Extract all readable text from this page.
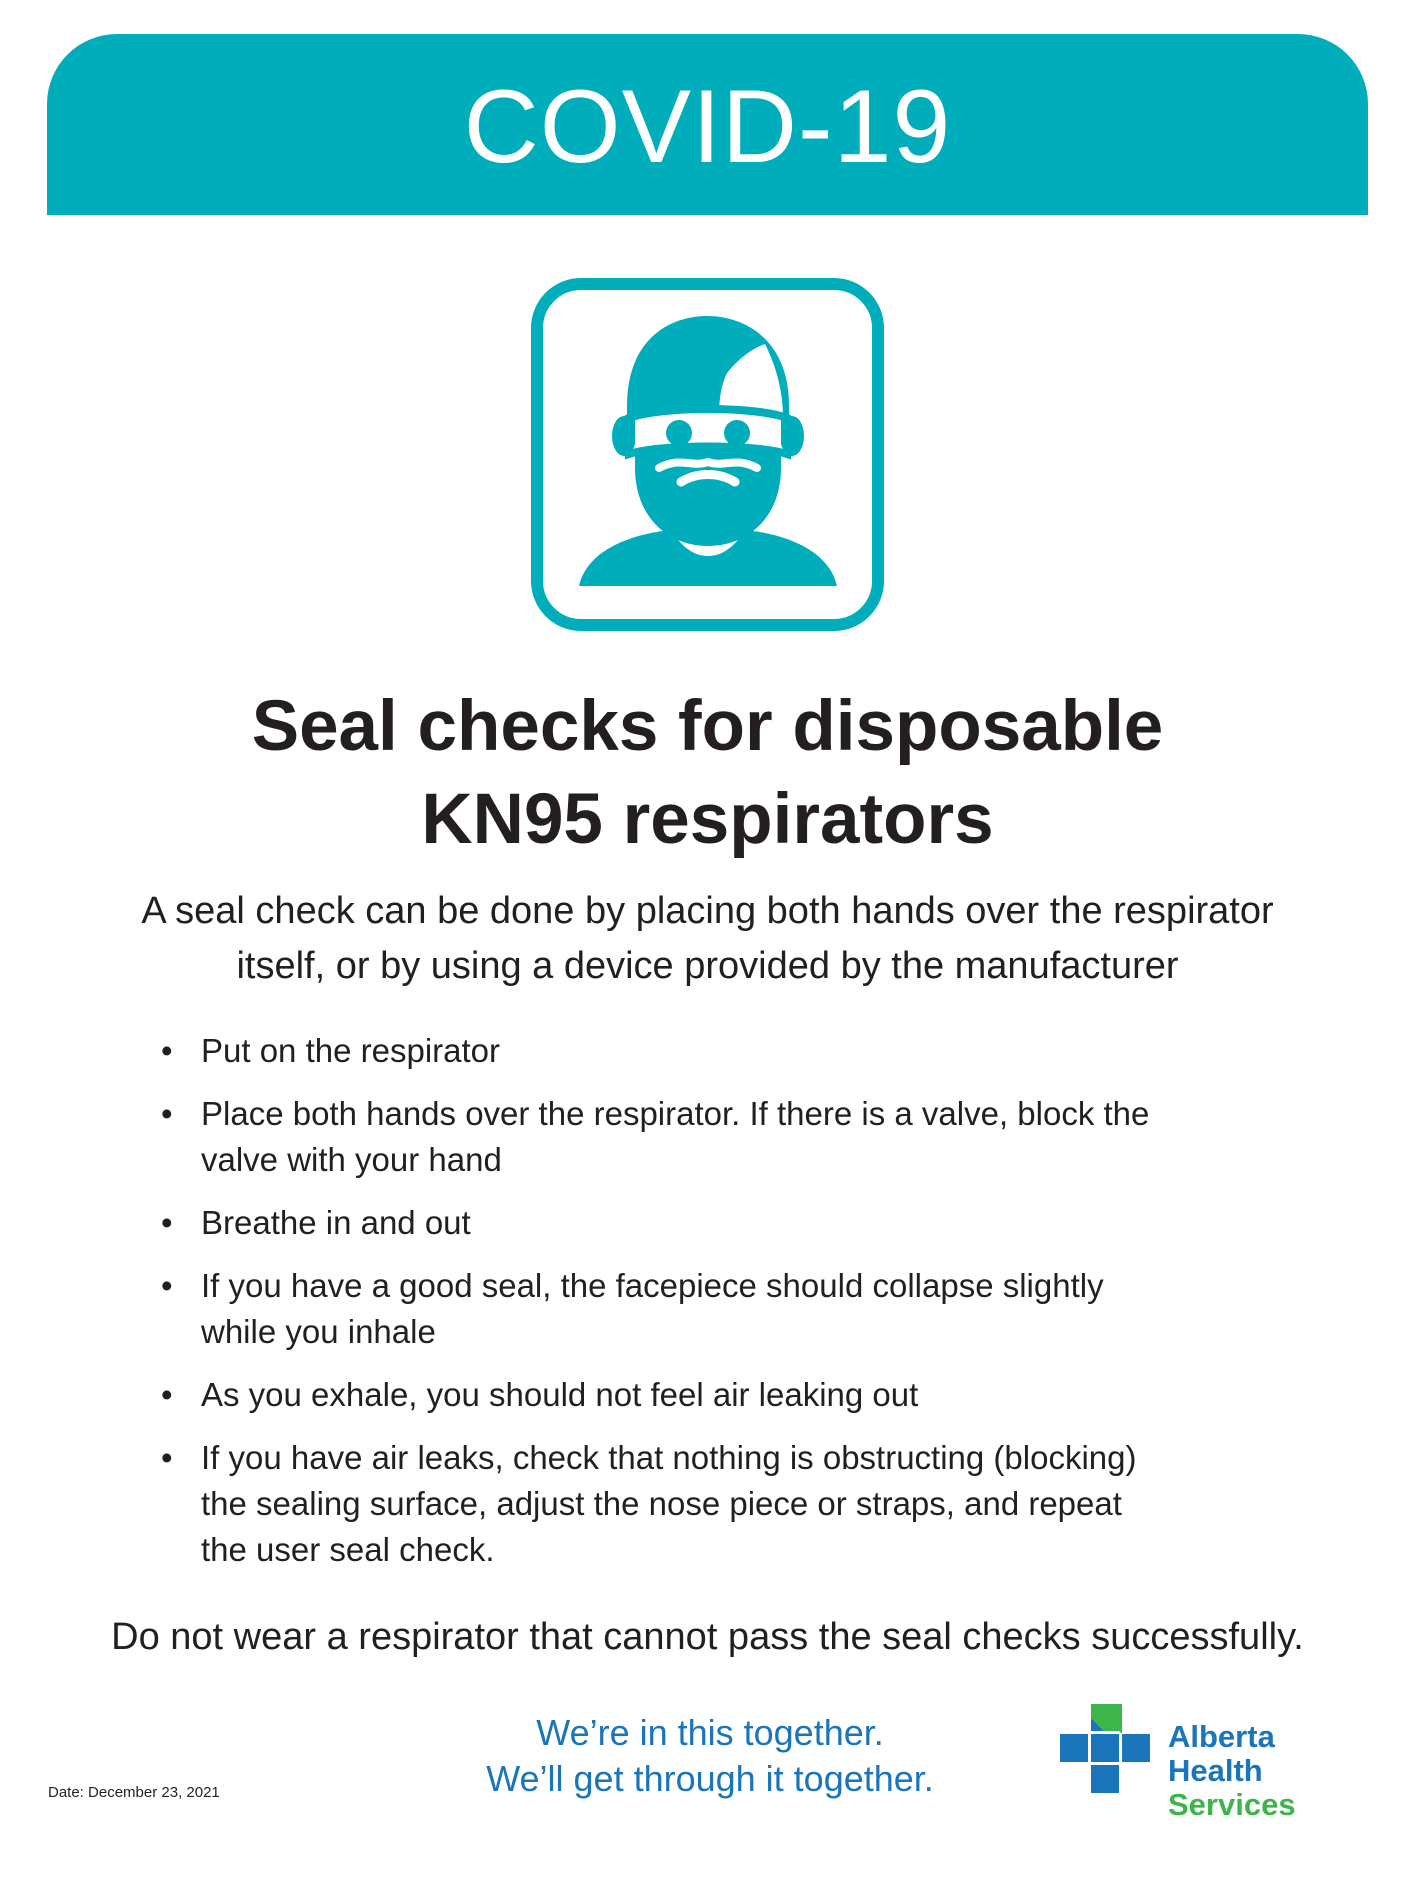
COVID-19
Seal checks for disposable
KN95 respirators
A seal check can be done by placing both hands over the respirator
itself, or by using a device provided by the manufacturer
• Put on the respirator
• Place both hands over the respirator. If there is a valve, block the
valve with your hand
• Breathe in and out
• If you have a good seal, the facepiece should collapse slightly
while you inhale
• As you exhale, you should not feel air leaking out
• If you have air leaks, check that nothing is obstructing (blocking)
the sealing surface, adjust the nose piece or straps, and repeat
the user seal check.
Do not wear a respirator that cannot pass the seal checks successfully.
We’re in this together.
We’ll get through it together.
Date: December 23, 2021
Alberta Health
Services
